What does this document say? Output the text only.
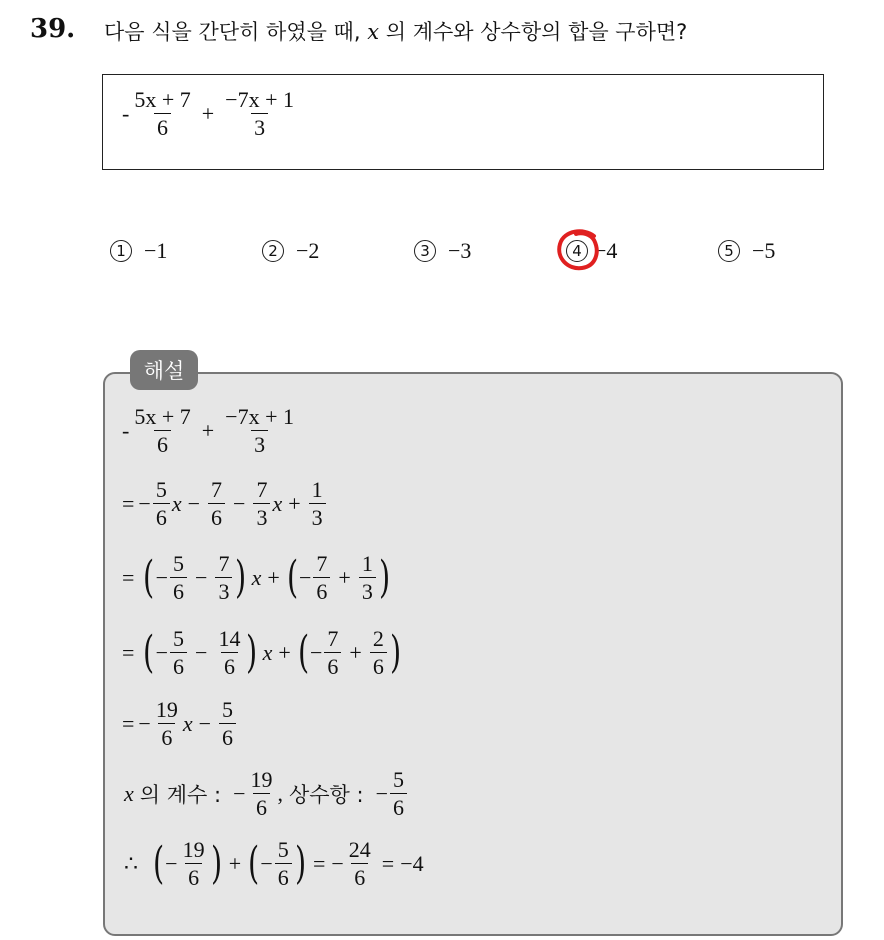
39. 다음 식을 간단히 하였을 때, x 의 계수와 상수항의 합을 구하면?
- $\frac{5x + 7}{6} + \frac{-7x + 1}{3}$
1 −1	2 −2	3 −3	4 −4	5 −5
해설
- $\frac{5x + 7}{6} + \frac{-7x + 1}{3}$
= − $\frac{5}{6}$ $x - \frac{7}{6} - \frac{7}{3}$ $x + \frac{1}{3}$
= ( − $\frac{5}{6} - \frac{7}{3}$ ) x + ( − $\frac{7}{6} + \frac{1}{3}$ )
= ( − $\frac{5}{6} - \frac{14}{6}$ ) x + ( − $\frac{7}{6} + \frac{2}{6}$ )
= − $\frac{19}{6}$ $x - \frac{5}{6}$
x 의 계수 : − $\frac{19}{6}$ , 상수항 : − $\frac{5}{6}$
∴ ( − $\frac{19}{6}$ ) + ( − $\frac{5}{6}$ ) = − $\frac{24}{6} = -4$
